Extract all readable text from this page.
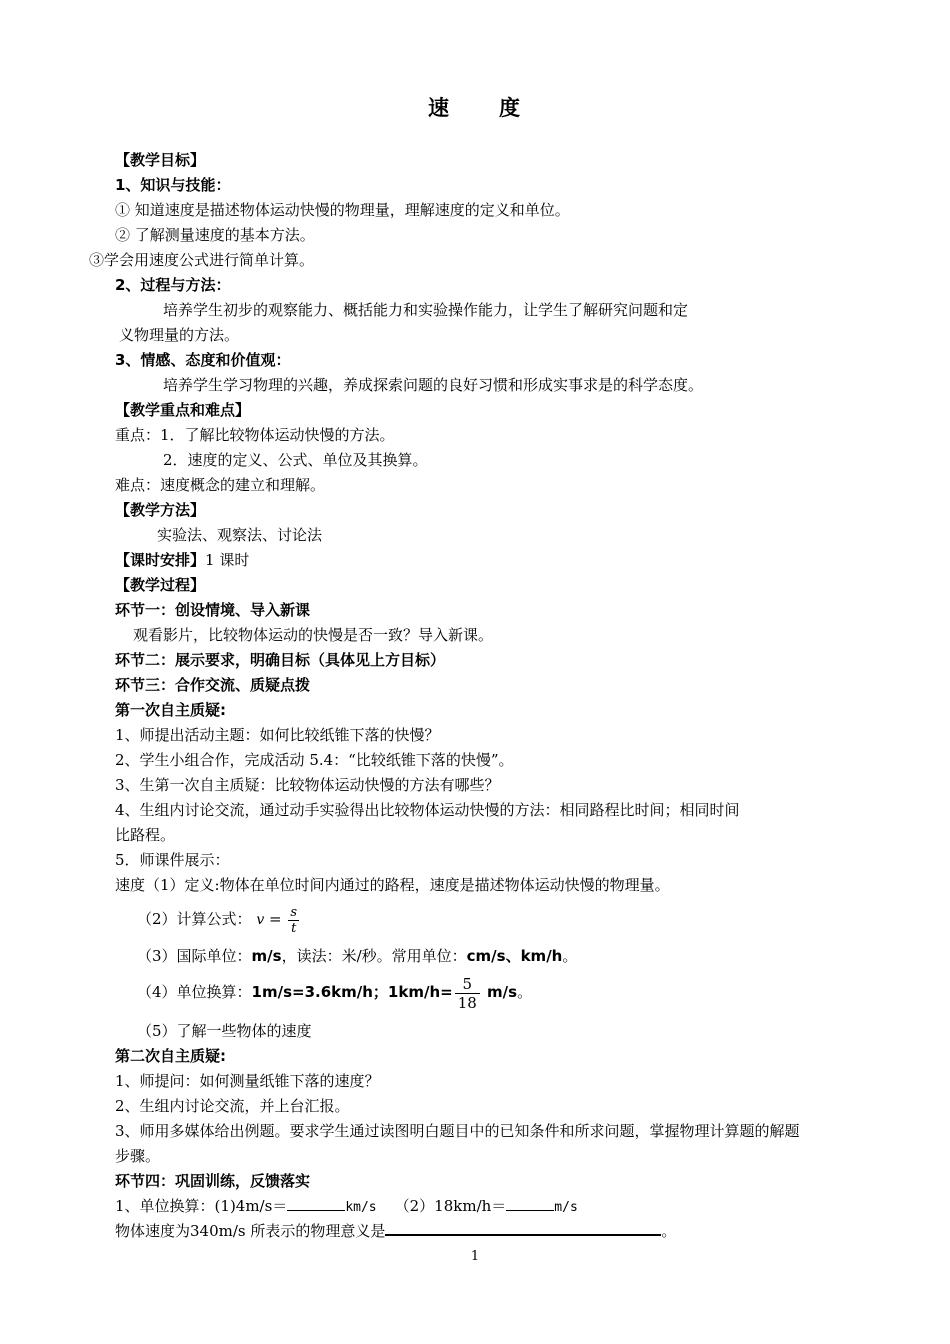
速 度
【教学目标】
1、知识与技能：
① 知道速度是描述物体运动快慢的物理量，理解速度的定义和单位。
② 了解测量速度的基本方法。
③学会用速度公式进行简单计算。
2、过程与方法：
培养学生初步的观察能力、概括能力和实验操作能力，让学生了解研究问题和定
义物理量的方法。
3、情感、态度和价值观：
培养学生学习物理的兴趣，养成探索问题的良好习惯和形成实事求是的科学态度。
【教学重点和难点】
重点：1．了解比较物体运动快慢的方法。
2．速度的定义、公式、单位及其换算。
难点：速度概念的建立和理解。
【教学方法】
实验法、观察法、讨论法
【课时安排】1 课时
【教学过程】
环节一：创设情境、导入新课
观看影片，比较物体运动的快慢是否一致？导入新课。
环节二：展示要求，明确目标（具体见上方目标）
环节三：合作交流、质疑点拨
第一次自主质疑:
1、师提出活动主题：如何比较纸锥下落的快慢？
2、学生小组合作，完成活动 5.4：“比较纸锥下落的快慢”。
3、生第一次自主质疑：比较物体运动快慢的方法有哪些？
4、生组内讨论交流，通过动手实验得出比较物体运动快慢的方法：相同路程比时间；相同时间
比路程。
5．师课件展示：
速度（1）定义:物体在单位时间内通过的路程，速度是描述物体运动快慢的物理量。
（2）计算公式： $v = \frac{s}{t}$
（3）国际单位：m/s，读法：米/秒。常用单位：cm/s、km/h。
（4）单位换算：1m/s=3.6km/h；$1km/h= \frac{5}{18} m/s$。
（5）了解一些物体的速度
第二次自主质疑:
1、师提问：如何测量纸锥下落的速度？
2、生组内讨论交流，并上台汇报。
3、师用多媒体给出例题。要求学生通过读图明白题目中的已知条件和所求问题，掌握物理计算题的解题
步骤。
环节四：巩固训练，反馈落实
1、单位换算：(1)4m/s＝	km/s （2）18km/h＝	m/s
物体速度为340m/s 所表示的物理意义是	。
1
